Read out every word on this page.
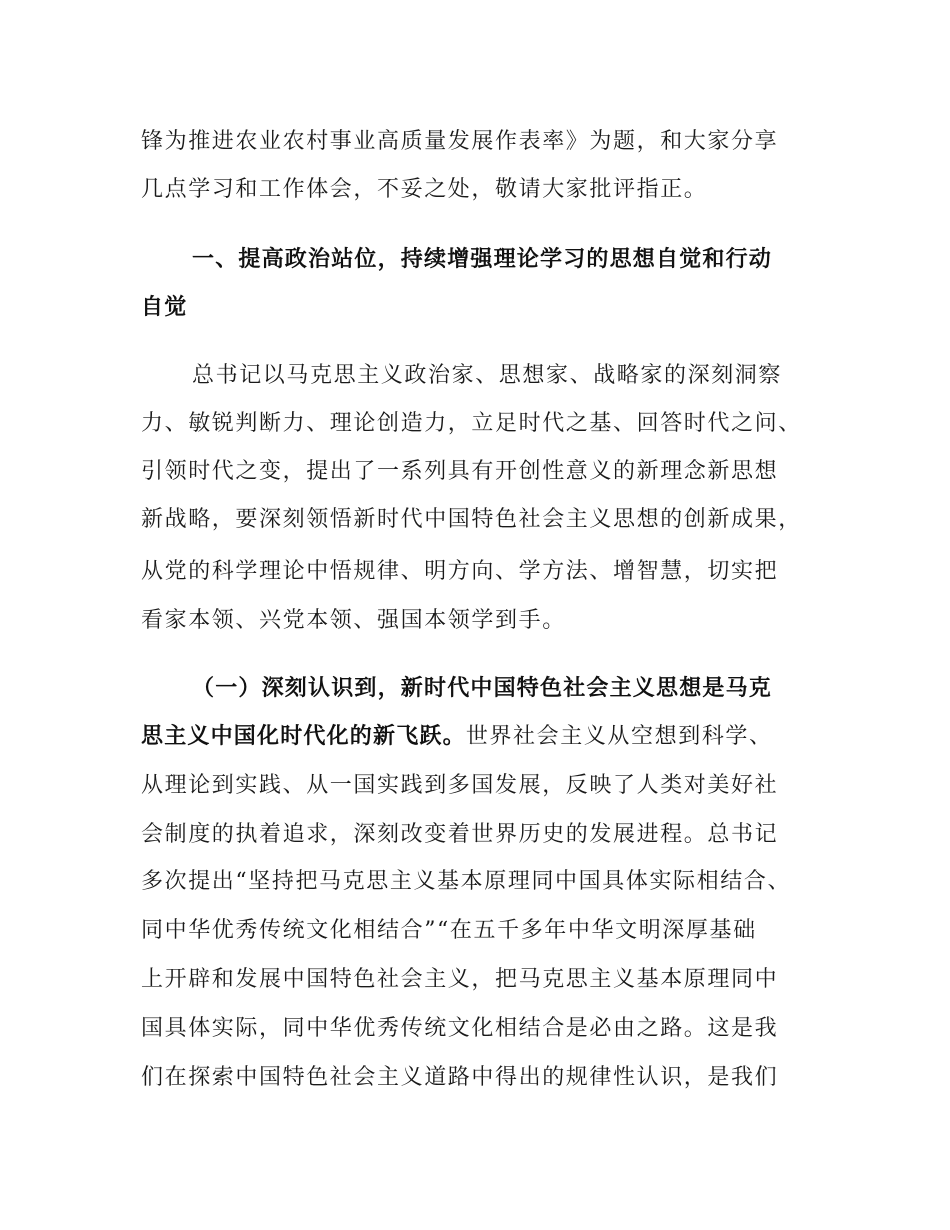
锋为推进农业农村事业高质量发展作表率》为题，和大家分享
几点学习和工作体会，不妥之处，敬请大家批评指正。
一、提高政治站位，持续增强理论学习的思想自觉和行动
自觉
总书记以马克思主义政治家、思想家、战略家的深刻洞察
力、敏锐判断力、理论创造力，立足时代之基、回答时代之问、
引领时代之变，提出了一系列具有开创性意义的新理念新思想
新战略，要深刻领悟新时代中国特色社会主义思想的创新成果，
从党的科学理论中悟规律、明方向、学方法、增智慧，切实把
看家本领、兴党本领、强国本领学到手。
（一）深刻认识到，新时代中国特色社会主义思想是马克
思主义中国化时代化的新飞跃。世界社会主义从空想到科学、
从理论到实践、从一国实践到多国发展，反映了人类对美好社
会制度的执着追求，深刻改变着世界历史的发展进程。总书记
多次提出“坚持把马克思主义基本原理同中国具体实际相结合、
同中华优秀传统文化相结合”“在五千多年中华文明深厚基础
上开辟和发展中国特色社会主义，把马克思主义基本原理同中
国具体实际，同中华优秀传统文化相结合是必由之路。这是我
们在探索中国特色社会主义道路中得出的规律性认识，是我们
